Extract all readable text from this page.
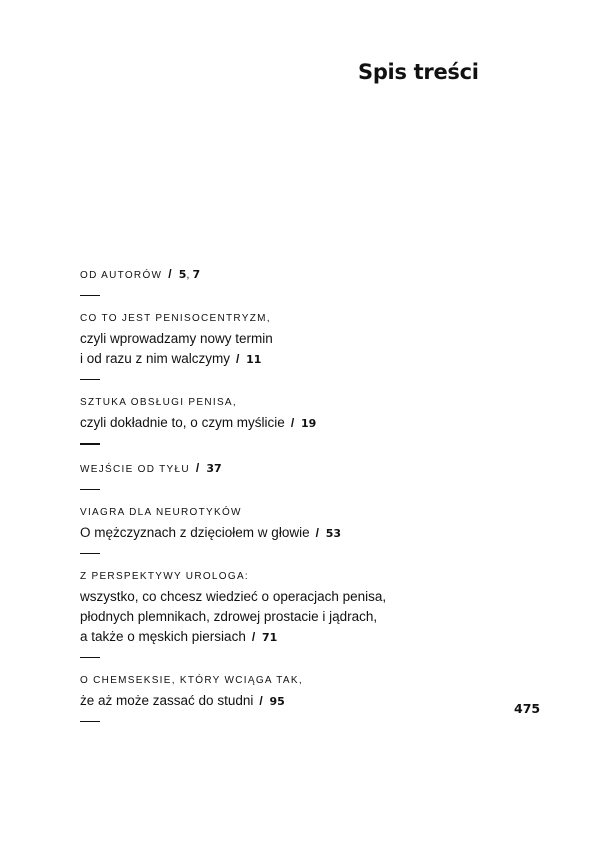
Spis treści
OD AUTORÓW / 5, 7
CO TO JEST PENISOCENTRYZM,
czyli wprowadzamy nowy termin
i od razu z nim walczymy / 11
SZTUKA OBSŁUGI PENISA,
czyli dokładnie to, o czym myślicie / 19
WEJŚCIE OD TYŁU / 37
VIAGRA DLA NEUROTYKÓW
O mężczyznach z dzięciołem w głowie / 53
Z PERSPEKTYWY UROLOGA:
wszystko, co chcesz wiedzieć o operacjach penisa,
płodnych plemnikach, zdrowej prostacie i jądrach,
a także o męskich piersiach / 71
O CHEMSEKSIE, KTÓRY WCIĄGA TAK,
że aż może zassać do studni / 95	475
